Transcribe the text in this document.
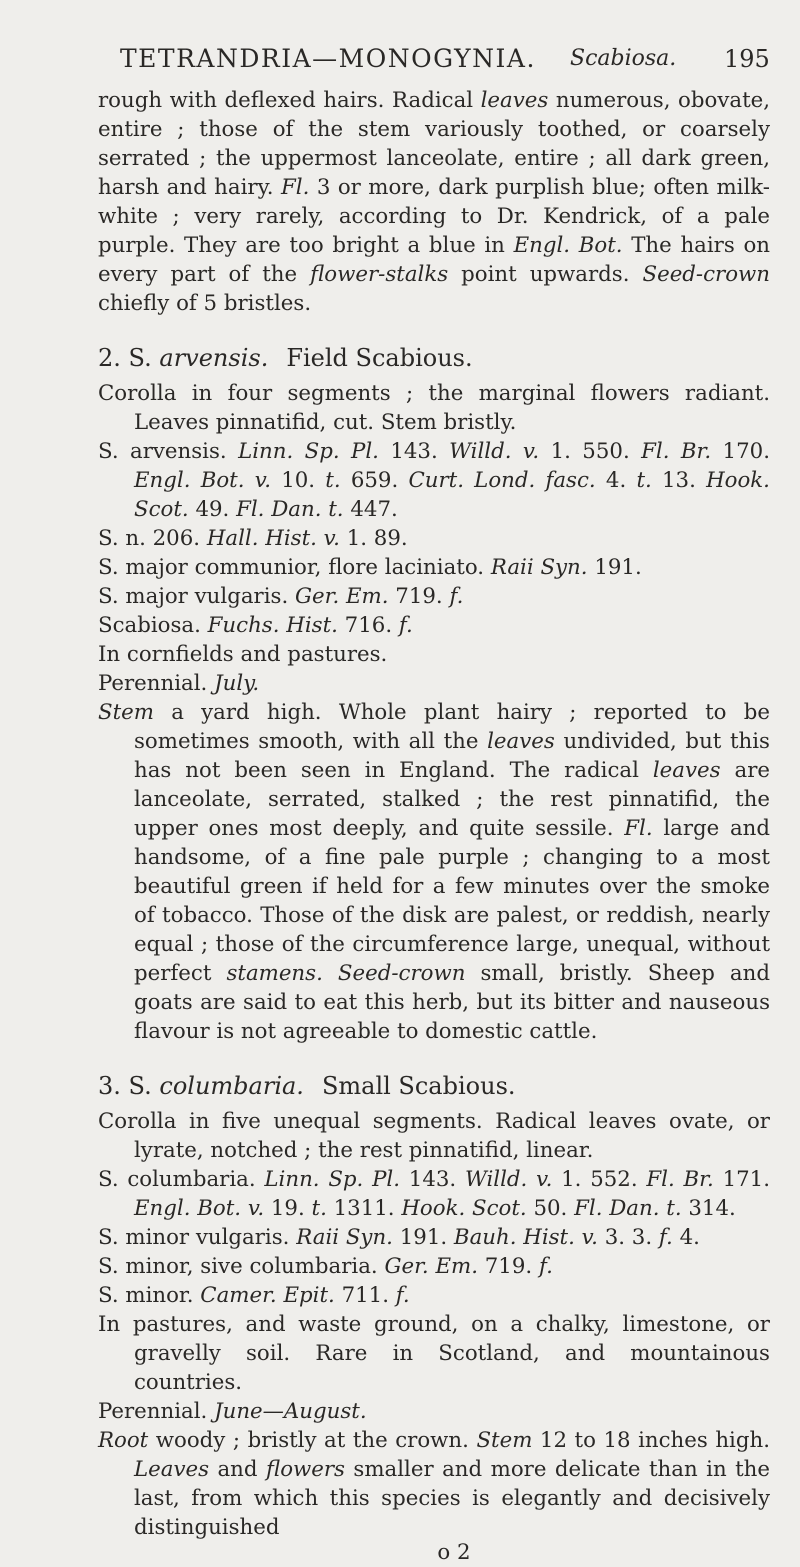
TETRANDRIA—MONOGYNIA. Scabiosa. 195

rough with deflexed hairs. Radical leaves numerous, obovate, entire ; those of the stem variously toothed, or coarsely serrated ; the uppermost lanceolate, entire ; all dark green, harsh and hairy. Fl. 3 or more, dark purplish blue; often milk-white ; very rarely, according to Dr. Kendrick, of a pale purple. They are too bright a blue in Engl. Bot. The hairs on every part of the flower-stalks point upwards. Seed-crown chiefly of 5 bristles.

2. S. arvensis. Field Scabious.

Corolla in four segments ; the marginal flowers radiant. Leaves pinnatifid, cut. Stem bristly.

S. arvensis. Linn. Sp. Pl. 143. Willd. v. 1. 550. Fl. Br. 170. Engl. Bot. v. 10. t. 659. Curt. Lond. fasc. 4. t. 13. Hook. Scot. 49. Fl. Dan. t. 447.

S. n. 206. Hall. Hist. v. 1. 89.

S. major communior, flore laciniato. Raii Syn. 191.

S. major vulgaris. Ger. Em. 719. f.

Scabiosa. Fuchs. Hist. 716. f.

In cornfields and pastures.

Perennial. July.

Stem a yard high. Whole plant hairy ; reported to be sometimes smooth, with all the leaves undivided, but this has not been seen in England. The radical leaves are lanceolate, serrated, stalked ; the rest pinnatifid, the upper ones most deeply, and quite sessile. Fl. large and handsome, of a fine pale purple ; changing to a most beautiful green if held for a few minutes over the smoke of tobacco. Those of the disk are palest, or reddish, nearly equal ; those of the circumference large, unequal, without perfect stamens. Seed-crown small, bristly. Sheep and goats are said to eat this herb, but its bitter and nauseous flavour is not agreeable to domestic cattle.

3. S. columbaria. Small Scabious.

Corolla in five unequal segments. Radical leaves ovate, or lyrate, notched ; the rest pinnatifid, linear.

S. columbaria. Linn. Sp. Pl. 143. Willd. v. 1. 552. Fl. Br. 171. Engl. Bot. v. 19. t. 1311. Hook. Scot. 50. Fl. Dan. t. 314.

S. minor vulgaris. Raii Syn. 191. Bauh. Hist. v. 3. 3. f. 4.

S. minor, sive columbaria. Ger. Em. 719. f.

S. minor. Camer. Epit. 711. f.

In pastures, and waste ground, on a chalky, limestone, or gravelly soil. Rare in Scotland, and mountainous countries.

Perennial. June—August.

Root woody ; bristly at the crown. Stem 12 to 18 inches high. Leaves and flowers smaller and more delicate than in the last, from which this species is elegantly and decisively distinguished

o 2
